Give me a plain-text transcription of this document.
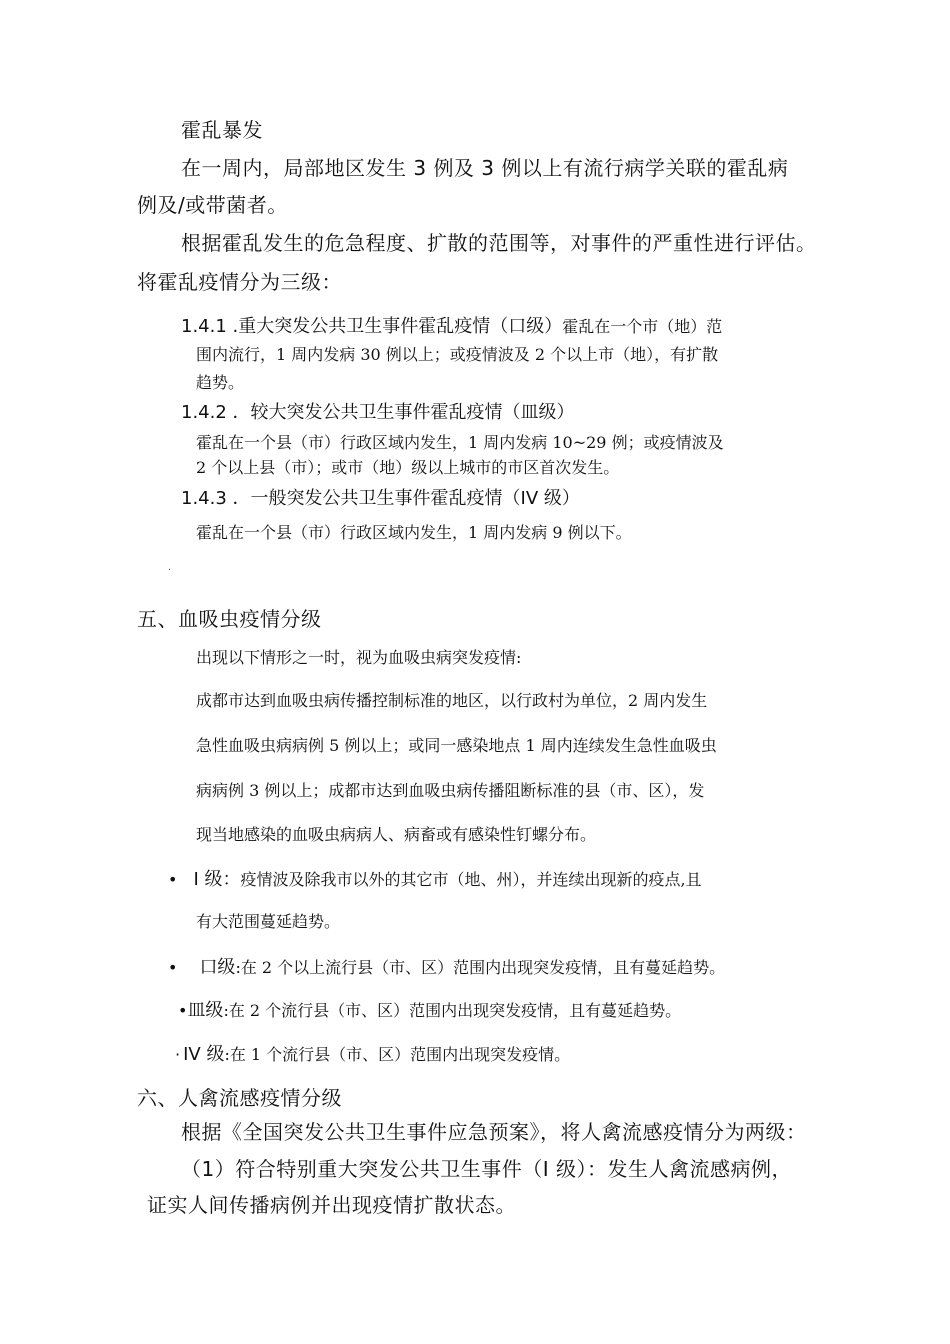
霍乱暴发
在一周内，局部地区发生 3 例及 3 例以上有流行病学关联的霍乱病
例及/或带菌者。
根据霍乱发生的危急程度、扩散的范围等，对事件的严重性进行评估。
将霍乱疫情分为三级：
1.4.1 .重大突发公共卫生事件霍乱疫情（口级）霍乱在一个市（地）范
围内流行，1 周内发病 30 例以上；或疫情波及 2 个以上市（地），有扩散
趋势。
1.4.2 ．较大突发公共卫生事件霍乱疫情（皿级）
霍乱在一个县（市）行政区域内发生，1 周内发病 10~29 例；或疫情波及
2 个以上县（市）；或市（地）级以上城市的市区首次发生。
1.4.3 ．一般突发公共卫生事件霍乱疫情（IV 级）
霍乱在一个县（市）行政区域内发生，1 周内发病 9 例以下。
.
五、血吸虫疫情分级
出现以下情形之一时，视为血吸虫病突发疫情:
成都市达到血吸虫病传播控制标准的地区，以行政村为单位，2 周内发生
急性血吸虫病病例 5 例以上；或同一感染地点 1 周内连续发生急性血吸虫
病病例 3 例以上；成都市达到血吸虫病传播阻断标准的县（市、区），发
现当地感染的血吸虫病病人、病畜或有感染性钉螺分布。
• I 级：疫情波及除我市以外的其它市（地、州），并连续出现新的疫点,且
有大范围蔓延趋势。
• 口级:在 2 个以上流行县（市、区）范围内出现突发疫情，且有蔓延趋势。
•皿级:在 2 个流行县（市、区）范围内出现突发疫情，且有蔓延趋势。
· IV 级:在 1 个流行县（市、区）范围内出现突发疫情。
六、人禽流感疫情分级
根据《全国突发公共卫生事件应急预案》，将人禽流感疫情分为两级：
（1）符合特别重大突发公共卫生事件（I 级）：发生人禽流感病例，
证实人间传播病例并出现疫情扩散状态。
